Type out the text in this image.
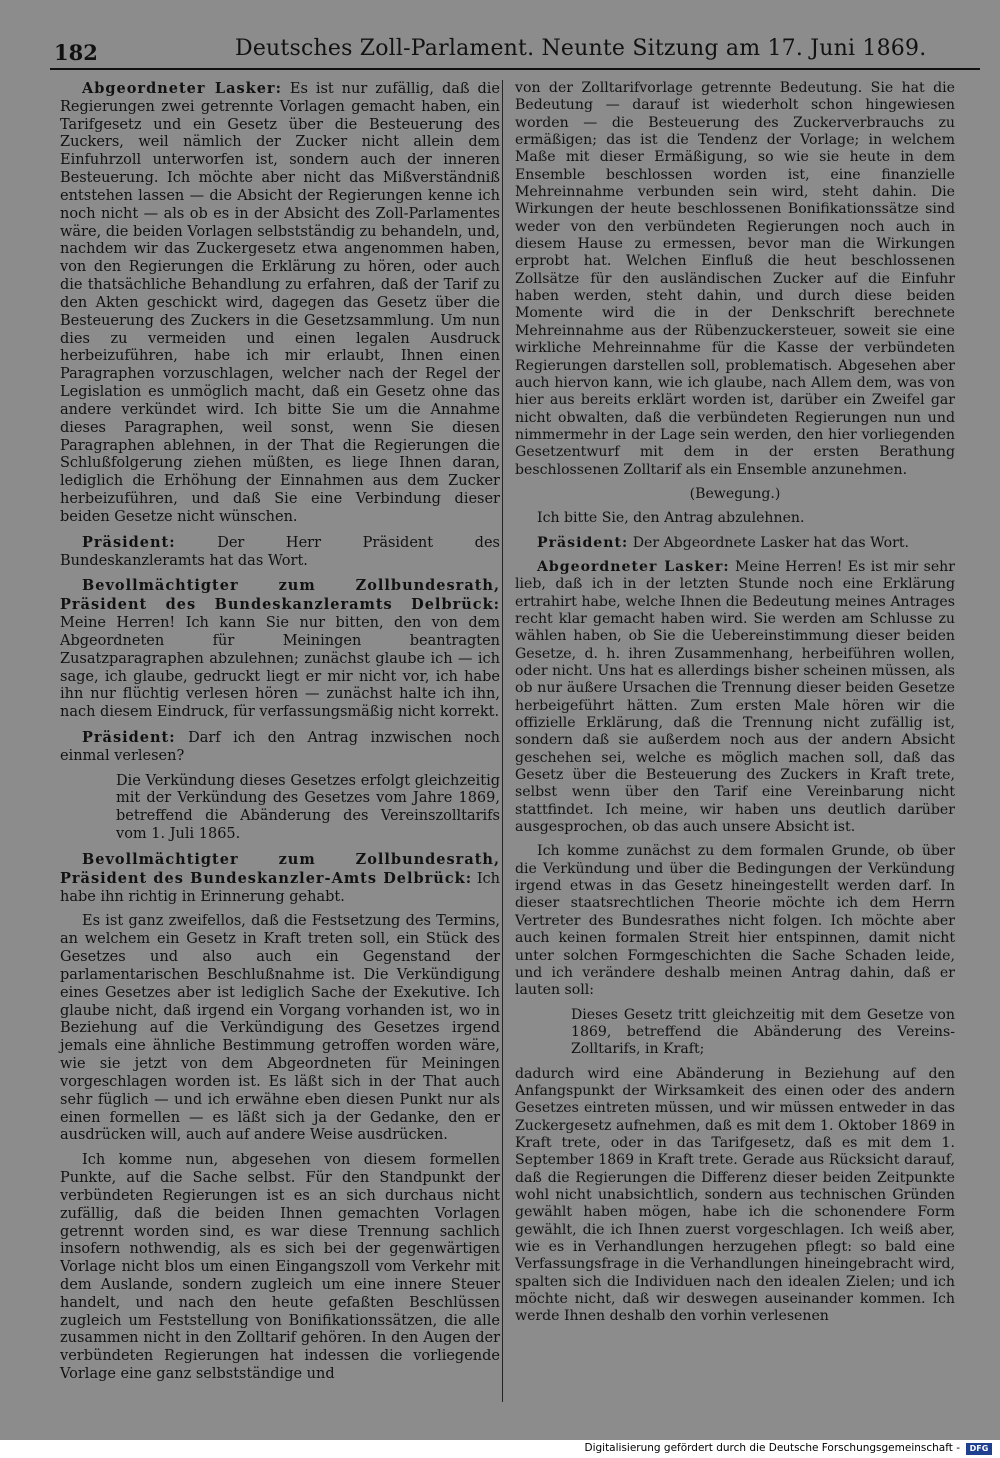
182	Deutsches Zoll-Parlament. Neunte Sitzung am 17. Juni 1869.

Abgeordneter Lasker: Es ist nur zufällig, daß die Regierungen zwei getrennte Vorlagen gemacht haben, ein Tarifgesetz und ein Gesetz über die Besteuerung des Zuckers, weil nämlich der Zucker nicht allein dem Einfuhrzoll unterworfen ist, sondern auch der inneren Besteuerung. Ich möchte aber nicht das Mißverständniß entstehen lassen — die Absicht der Regierungen kenne ich noch nicht — als ob es in der Absicht des Zoll-Parlamentes wäre, die beiden Vorlagen selbstständig zu behandeln, und, nachdem wir das Zuckergesetz etwa angenommen haben, von den Regierungen die Erklärung zu hören, oder auch die thatsächliche Behandlung zu erfahren, daß der Tarif zu den Akten geschickt wird, dagegen das Gesetz über die Besteuerung des Zuckers in die Gesetzsammlung. Um nun dies zu vermeiden und einen legalen Ausdruck herbeizuführen, habe ich mir erlaubt, Ihnen einen Paragraphen vorzuschlagen, welcher nach der Regel der Legislation es unmöglich macht, daß ein Gesetz ohne das andere verkündet wird. Ich bitte Sie um die Annahme dieses Paragraphen, weil sonst, wenn Sie diesen Paragraphen ablehnen, in der That die Regierungen die Schlußfolgerung ziehen müßten, es liege Ihnen daran, lediglich die Erhöhung der Einnahmen aus dem Zucker herbeizuführen, und daß Sie eine Verbindung dieser beiden Gesetze nicht wünschen.

Präsident:	Der Herr Präsident des Bundeskanzleramts hat das Wort.

Bevollmächtigter zum Zollbundesrath, Präsident des Bundeskanzleramts Delbrück: Meine Herren! Ich kann Sie nur bitten, den von dem Abgeordneten für Meiningen beantragten Zusatzparagraphen abzulehnen; zunächst glaube ich — ich sage, ich glaube, gedruckt liegt er mir nicht vor, ich habe ihn nur flüchtig verlesen hören — zunächst halte ich ihn, nach diesem Eindruck, für verfassungsmäßig nicht korrekt.

Präsident: Darf ich den Antrag inzwischen noch einmal verlesen?

Die Verkündung dieses Gesetzes erfolgt gleichzeitig mit der Verkündung des Gesetzes vom Jahre 1869, betreffend die Abänderung des Vereinszolltarifs vom 1. Juli 1865.

Bevollmächtigter zum Zollbundesrath, Präsident des Bundeskanzler-Amts Delbrück: Ich habe ihn richtig in Erinnerung gehabt.

Es ist ganz zweifellos, daß die Festsetzung des Termins, an welchem ein Gesetz in Kraft treten soll, ein Stück des Gesetzes und also auch ein Gegenstand der parlamentarischen Beschlußnahme ist. Die Verkündigung eines Gesetzes aber ist lediglich Sache der Exekutive. Ich glaube nicht, daß irgend ein Vorgang vorhanden ist, wo in Beziehung auf die Verkündigung des Gesetzes irgend jemals eine ähnliche Bestimmung getroffen worden wäre, wie sie jetzt von dem Abgeordneten für Meiningen vorgeschlagen worden ist. Es läßt sich in der That auch sehr füglich — und ich erwähne eben diesen Punkt nur als einen formellen — es läßt sich ja der Gedanke, den er ausdrücken will, auch auf andere Weise ausdrücken.

Ich komme nun, abgesehen von diesem formellen Punkte, auf die Sache selbst. Für den Standpunkt der verbündeten Regierungen ist es an sich durchaus nicht zufällig, daß die beiden Ihnen gemachten Vorlagen getrennt worden sind, es war diese Trennung sachlich insofern nothwendig, als es sich bei der gegenwärtigen Vorlage nicht blos um einen Eingangszoll vom Verkehr mit dem Auslande, sondern zugleich um eine innere Steuer handelt, und nach den heute gefaßten Beschlüssen zugleich um Feststellung von Bonifikationssätzen, die alle zusammen nicht in den Zolltarif gehören. In den Augen der verbündeten Regierungen hat indessen die vorliegende Vorlage eine ganz selbstständige und

von der Zolltarifvorlage getrennte Bedeutung. Sie hat die Bedeutung — darauf ist wiederholt schon hingewiesen worden — die Besteuerung des Zuckerverbrauchs zu ermäßigen; das ist die Tendenz der Vorlage; in welchem Maße mit dieser Ermäßigung, so wie sie heute in dem Ensemble beschlossen worden ist, eine finanzielle Mehreinnahme verbunden sein wird, steht dahin. Die Wirkungen der heute beschlossenen Bonifikationssätze sind weder von den verbündeten Regierungen noch auch in diesem Hause zu ermessen, bevor man die Wirkungen erprobt hat. Welchen Einfluß die heut beschlossenen Zollsätze für den ausländischen Zucker auf die Einfuhr haben werden, steht dahin, und durch diese beiden Momente wird die in der Denkschrift berechnete Mehreinnahme aus der Rübenzuckersteuer, soweit sie eine wirkliche Mehreinnahme für die Kasse der verbündeten Regierungen darstellen soll, problematisch. Abgesehen aber auch hiervon kann, wie ich glaube, nach Allem dem, was von hier aus bereits erklärt worden ist, darüber ein Zweifel gar nicht obwalten, daß die verbündeten Regierungen nun und nimmermehr in der Lage sein werden, den hier vorliegenden Gesetzentwurf mit dem in der ersten Berathung beschlossenen Zolltarif als ein Ensemble anzunehmen.

(Bewegung.)

Ich bitte Sie, den Antrag abzulehnen.

Präsident: Der Abgeordnete Lasker hat das Wort.

Abgeordneter Lasker: Meine Herren! Es ist mir sehr lieb, daß ich in der letzten Stunde noch eine Erklärung ertrahirt habe, welche Ihnen die Bedeutung meines Antrages recht klar gemacht haben wird. Sie werden am Schlusse zu wählen haben, ob Sie die Uebereinstimmung dieser beiden Gesetze, d. h. ihren Zusammenhang, herbeiführen wollen, oder nicht. Uns hat es allerdings bisher scheinen müssen, als ob nur äußere Ursachen die Trennung dieser beiden Gesetze herbeigeführt hätten. Zum ersten Male hören wir die offizielle Erklärung, daß die Trennung nicht zufällig ist, sondern daß sie außerdem noch aus der andern Absicht geschehen sei, welche es möglich machen soll, daß das Gesetz über die Besteuerung des Zuckers in Kraft trete, selbst wenn über den Tarif eine Vereinbarung nicht stattfindet. Ich meine, wir haben uns deutlich darüber ausgesprochen, ob das auch unsere Absicht ist.

Ich komme zunächst zu dem formalen Grunde, ob über die Verkündung und über die Bedingungen der Verkündung irgend etwas in das Gesetz hineingestellt werden darf. In dieser staatsrechtlichen Theorie möchte ich dem Herrn Vertreter des Bundesrathes nicht folgen. Ich möchte aber auch keinen formalen Streit hier entspinnen, damit nicht unter solchen Formgeschichten die Sache Schaden leide, und ich verändere deshalb meinen Antrag dahin, daß er lauten soll:

Dieses Gesetz tritt gleichzeitig mit dem Gesetze von 1869, betreffend die Abänderung des Vereins-Zolltarifs, in Kraft;

dadurch wird eine Abänderung in Beziehung auf den Anfangspunkt der Wirksamkeit des einen oder des andern Gesetzes eintreten müssen, und wir müssen entweder in das Zuckergesetz aufnehmen, daß es mit dem 1. Oktober 1869 in Kraft trete, oder in das Tarifgesetz, daß es mit dem 1. September 1869 in Kraft trete. Gerade aus Rücksicht darauf, daß die Regierungen die Differenz dieser beiden Zeitpunkte wohl nicht unabsichtlich, sondern aus technischen Gründen gewählt haben mögen, habe ich die schonendere Form gewählt, die ich Ihnen zuerst vorgeschlagen. Ich weiß aber, wie es in Verhandlungen herzugehen pflegt: so bald eine Verfassungsfrage in die Verhandlungen hineingebracht wird, spalten sich die Individuen nach den idealen Zielen; und ich möchte nicht, daß wir deswegen auseinander kommen. Ich werde Ihnen deshalb den vorhin verlesenen

Digitalisierung gefördert durch die Deutsche Forschungsgemeinschaft -	DFG
